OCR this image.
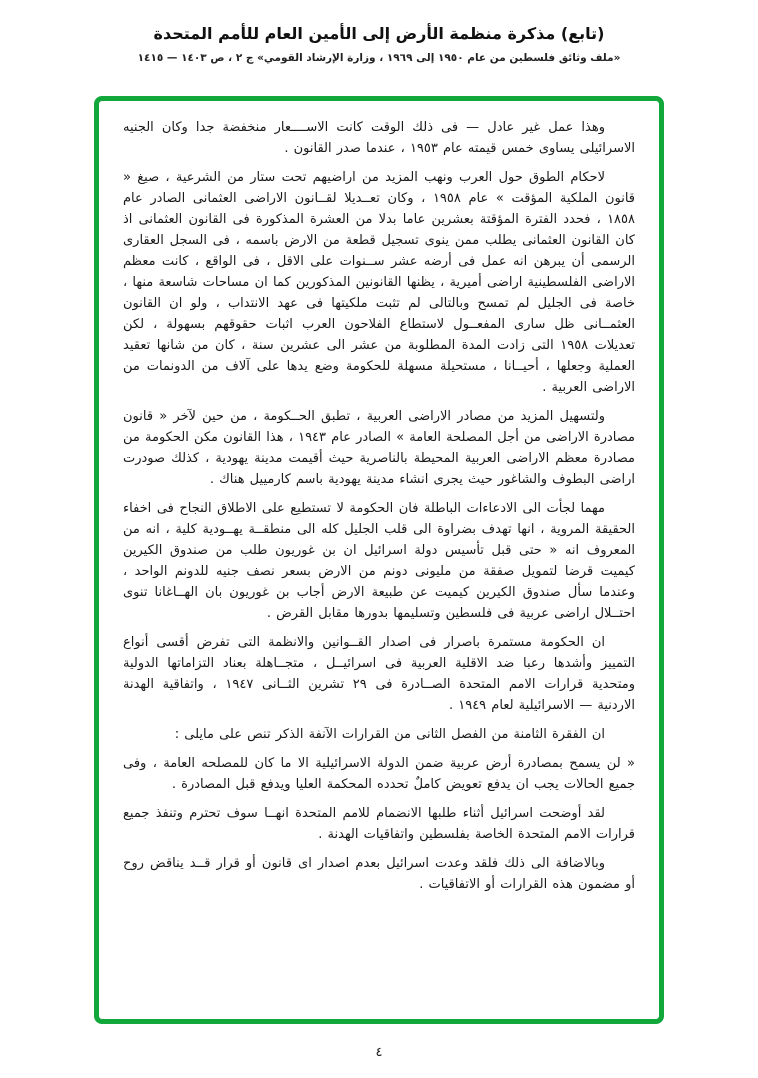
(تابع) مذكرة منظمة الأرض إلى الأمين العام للأمم المتحدة
«ملف وثائق فلسطين من عام ١٩٥٠ إلى ١٩٦٩ ، وزارة الإرشاد القومي» ج ٢ ، ص ١٤٠٣ — ١٤١٥

وهذا عمل غير عادل — فى ذلك الوقت كانت الاســــعار منخفضة جدا وكان الجنيه الاسرائيلى يساوى خمس قيمته عام ١٩٥٣ ، عندما صدر القانون .

لاحكام الطوق حول العرب ونهب المزيد من اراضيهم تحت ستار من الشرعية ، صيغ « قانون الملكية المؤقت » عام ١٩٥٨ ، وكان تعــديلا لقــانون الاراضى العثمانى الصادر عام ١٨٥٨ ، فحدد الفترة المؤقتة بعشرين عاما بدلا من العشرة المذكورة فى القانون العثمانى اذ كان القانون العثمانى يطلب ممن ينوى تسجيل قطعة من الارض باسمه ، فى السجل العقارى الرسمى أن يبرهن انه عمل فى أرضه عشر ســنوات على الاقل ، فى الواقع ، كانت معظم الاراضى الفلسطينية اراضى أميرية ، يظنها القانونين المذكورين كما ان مساحات شاسعة منها ، خاصة فى الجليل لم تمسح وبالتالى لم تثبت ملكيتها فى عهد الانتداب ، ولو ان القانون العثمــانى ظل سارى المفعــول لاستطاع الفلاحون العرب اثبات حقوقهم بسهولة ، لكن تعديلات ١٩٥٨ التى زادت المدة المطلوبة من عشر الى عشرين سنة ، كان من شانها تعقيد العملية وجعلها ، أحيــانا ، مستحيلة مسهلة للحكومة وضع يدها على آلاف من الدونمات من الاراضى العربية .

ولتسهيل المزيد من مصادر الاراضى العربية ، تطبق الحــكومة ، من حين لآخر « قانون مصادرة الاراضى من أجل المصلحة العامة » الصادر عام ١٩٤٣ ، هذا القانون مكن الحكومة من مصادرة معظم الاراضى العربية المحيطة بالناصرية حيث أقيمت مدينة يهودية ، كذلك صودرت اراضى البطوف والشاغور حيث يجرى انشاء مدينة يهودية باسم كارمييل هناك .

مهما لجأت الى الادعاءات الباطلة فان الحكومة لا تستطيع على الاطلاق النجاح فى اخفاء الحقيقة المروية ، انها تهدف بضراوة الى قلب الجليل كله الى منطقــة يهــودية كلية ، انه من المعروف انه « حتى قبل تأسيس دولة اسرائيل ان بن غوريون طلب من صندوق الكيرين كيميت قرضا لتمويل صفقة من مليونى دونم من الارض بسعر نصف جنيه للدونم الواحد ، وعندما سأل صندوق الكيرين كيميت عن طبيعة الارض أجاب بن غوريون بان الهــاغانا تنوى احتــلال اراضى عربية فى فلسطين وتسليمها بدورها مقابل القرض .

ان الحكومة مستمرة باصرار فى اصدار القــوانين والانظمة التى تفرض أقسى أنواع التمييز وأشدها رعبا ضد الاقلية العربية فى اسرائيــل ، متجــاهلة بعناد التزاماتها الدولية ومتحدية قرارات الامم المتحدة الصــادرة فى ٢٩ تشرين الثــانى ١٩٤٧ ، واتفاقية الهدنة الاردنية — الاسرائيلية لعام ١٩٤٩ .

ان الفقرة الثامنة من الفصل الثانى من القرارات الآنفة الذكر تنص على مايلى :

« لن يسمح بمصادرة أرض عربية ضمن الدولة الاسرائيلية الا ما كان للمصلحه العامة ، وفى جميع الحالات يجب ان يدفع تعويض كاملٌ تحدده المحكمة العليا ويدفع قبل المصادرة .

لقد أوضحت اسرائيل أثناء طلبها الانضمام للامم المتحدة انهــا سوف تحترم وتنفذ جميع قرارات الامم المتحدة الخاصة بفلسطين واتفاقيات الهدنة .

وبالاضافة الى ذلك فلقد وعدت اسرائيل بعدم اصدار اى قانون أو قرار قــد يناقض روح أو مضمون هذه القرارات أو الاتفاقيات .

٤
